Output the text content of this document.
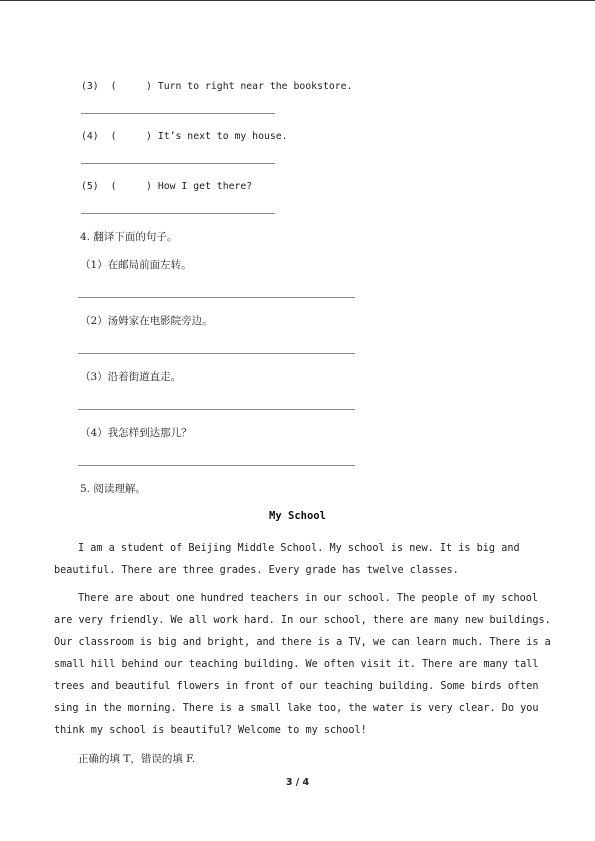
(3) (     ) Turn to right near the bookstore.
(4) (     ) It’s next to my house.
(5) (     ) How I get there?
4. 翻译下面的句子。
（1）在邮局前面左转。
（2）汤姆家在电影院旁边。
（3）沿着街道直走。
（4）我怎样到达那儿？
5. 阅读理解。
My School
I am a student of Beijing Middle School. My school is new. It is big and
beautiful. There are three grades. Every grade has twelve classes.
There are about one hundred teachers in our school. The people of my school
are very friendly. We all work hard. In our school, there are many new buildings.
Our classroom is big and bright, and there is a TV, we can learn much. There is a
small hill behind our teaching building. We often visit it. There are many tall
trees and beautiful flowers in front of our teaching building. Some birds often
sing in the morning. There is a small lake too, the water is very clear. Do you
think my school is beautiful? Welcome to my school!
正确的填 T，错误的填 F.
3 / 4
